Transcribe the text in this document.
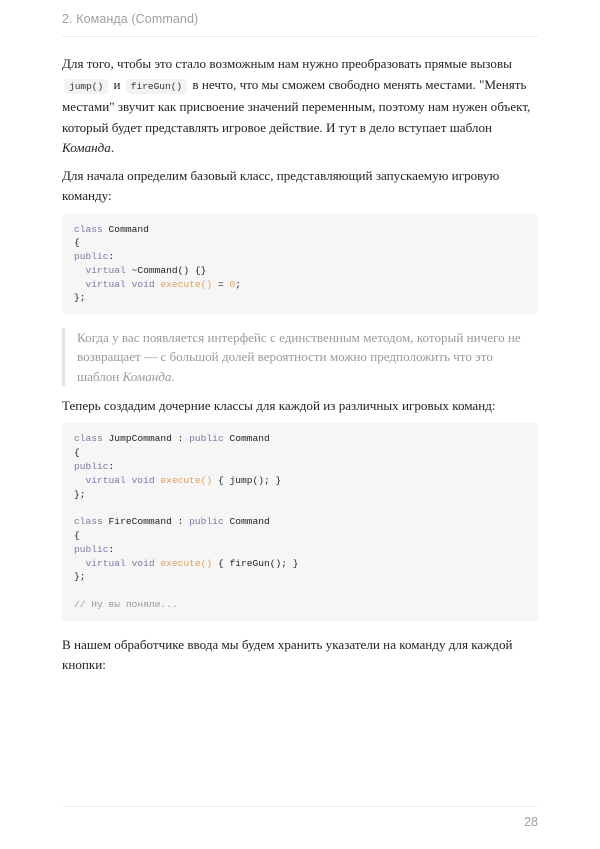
2. Команда (Command)

Для того, чтобы это стало возможным нам нужно преобразовать прямые вызовы
jump() и fireGun() в нечто, что мы сможем свободно менять местами. "Менять местами" звучит как присвоение значений переменным, поэтому нам нужен объект, который будет представлять игровое действие. И тут в дело вступает шаблон Команда.

Для начала определим базовый класс, представляющий запускаемую игровую команду:

class Command
{
public:
virtual ~Command() {}
virtual void execute() = 0;
};
Когда у вас появляется интерфейс с единственным методом, который ничего не возвращает — с большой долей вероятности можно предположить что это шаблон Команда.

Теперь создадим дочерние классы для каждой из различных игровых команд:

class JumpCommand : public Command
{
public:
virtual void execute() { jump(); }
};
class FireCommand : public Command
{
public:
virtual void execute() { fireGun(); }
};
// Ну вы поняли...

В нашем обработчике ввода мы будем хранить указатели на команду для каждой кнопки:

28
